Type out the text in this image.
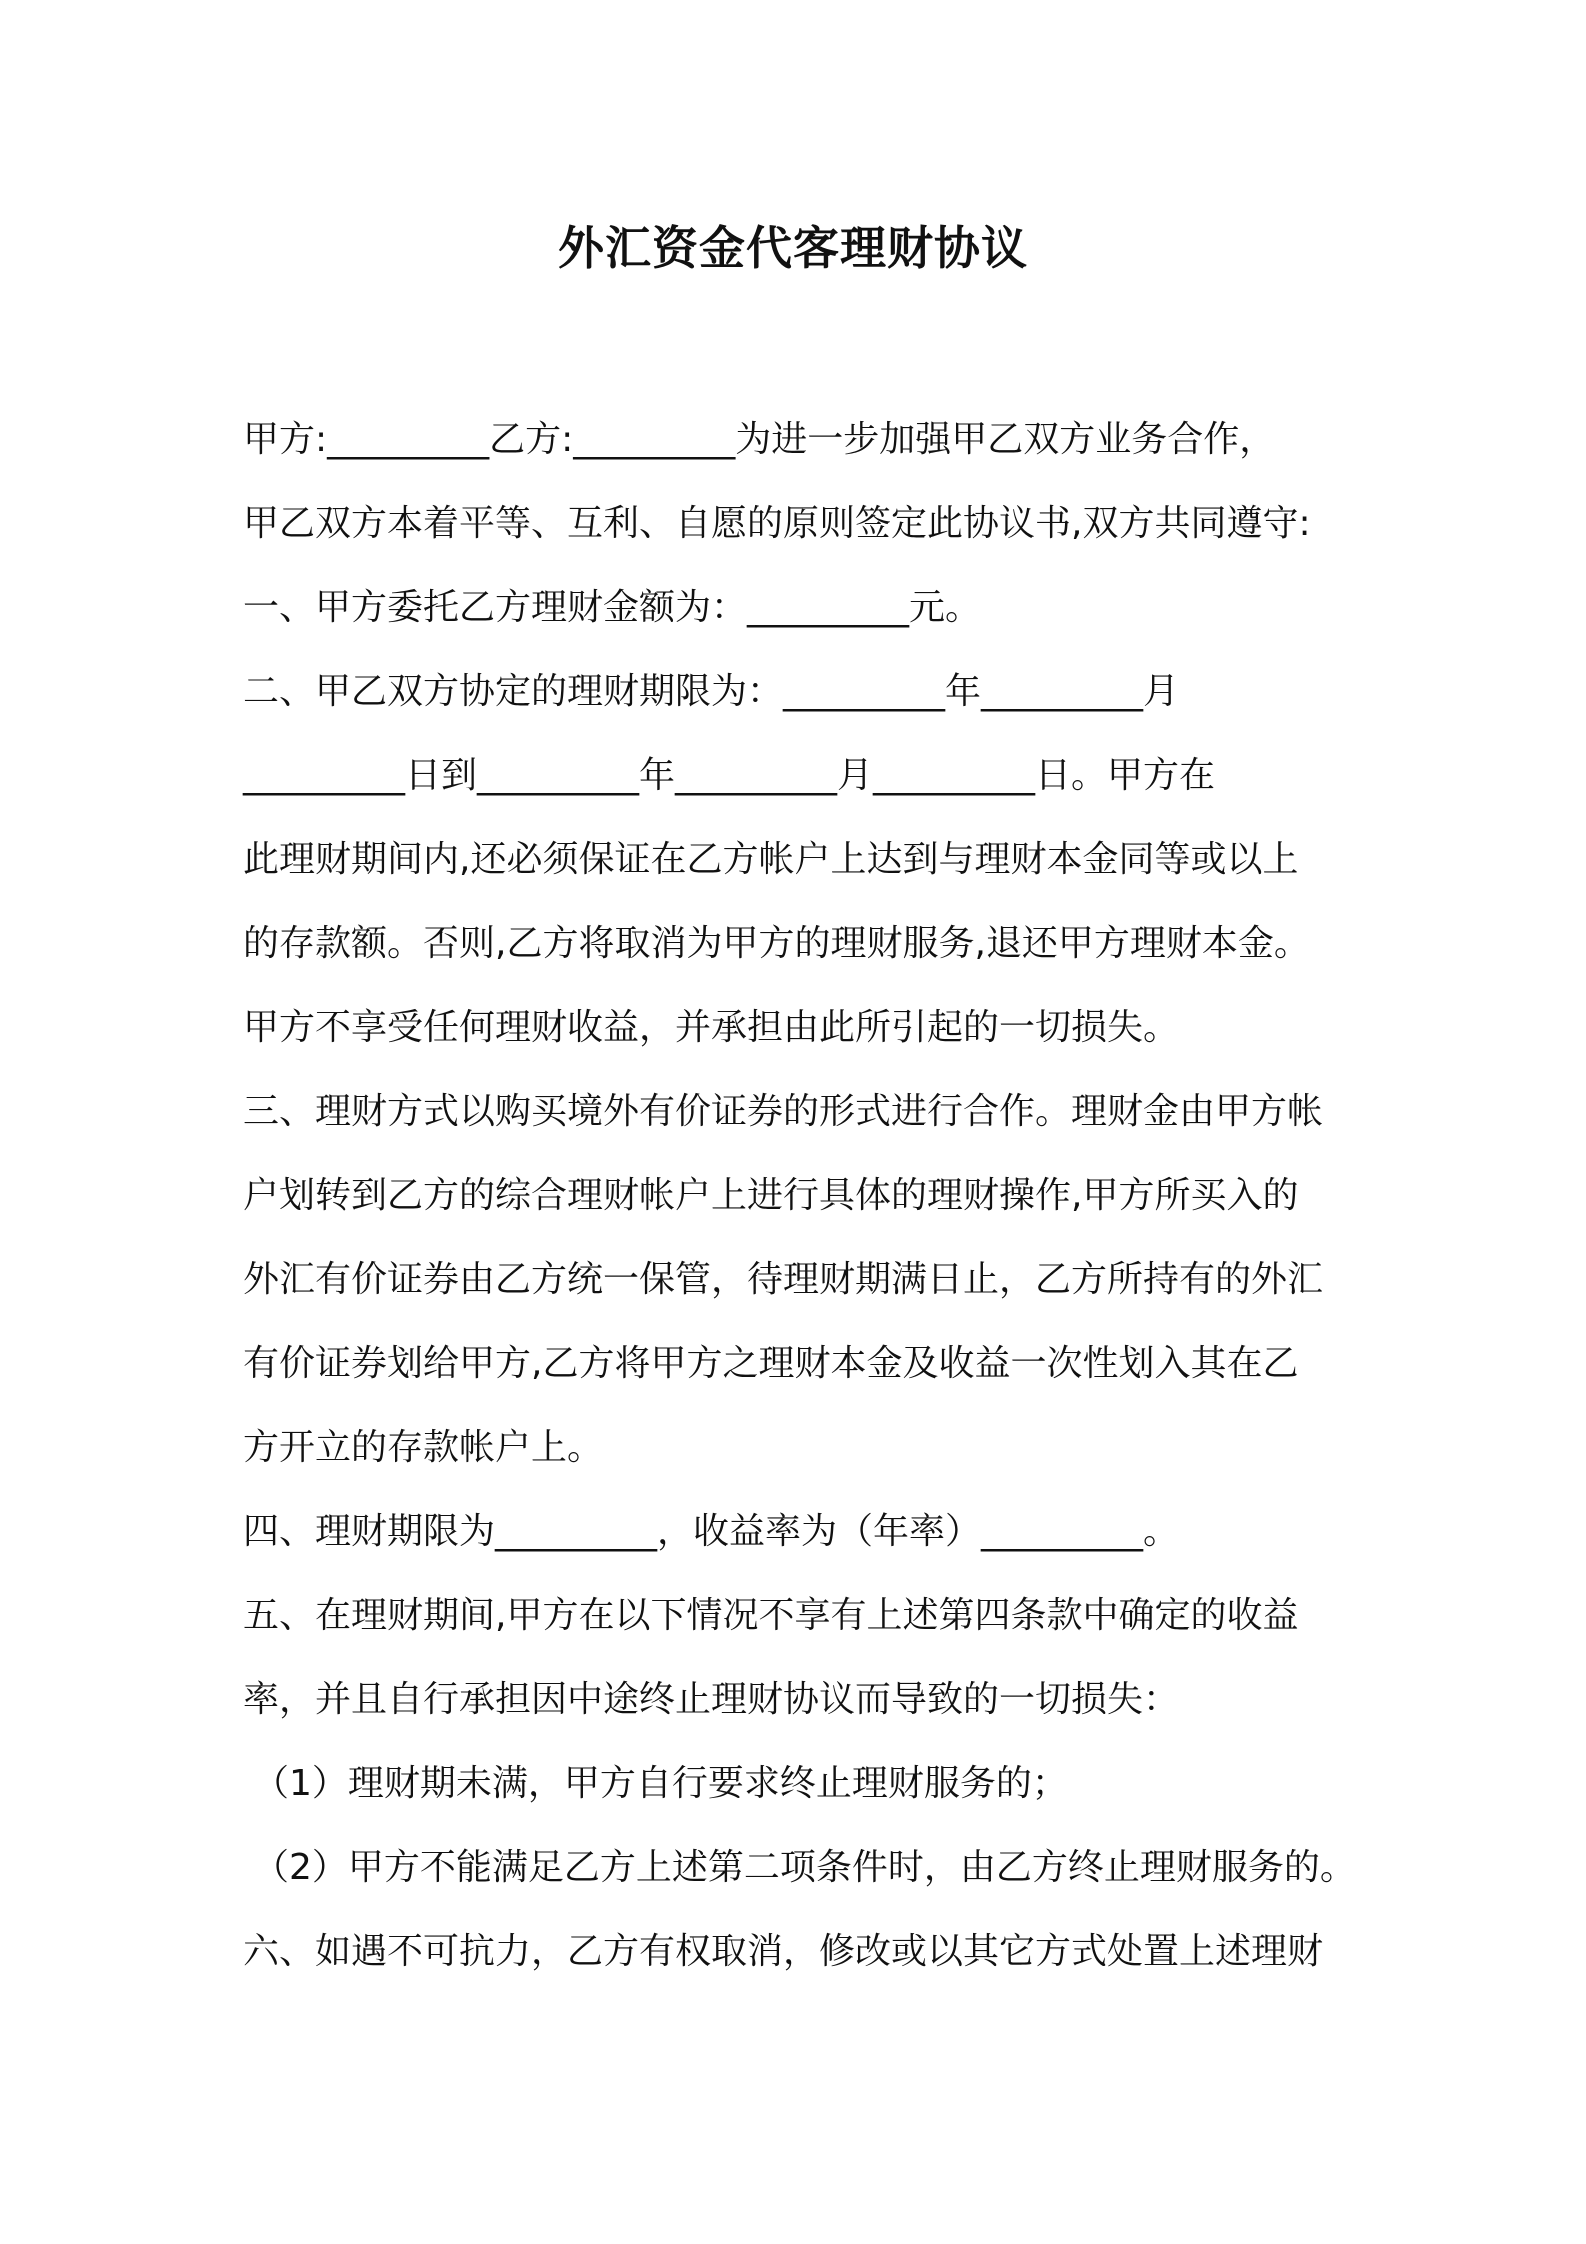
外汇资金代客理财协议
甲方:_________乙方:_________为进一步加强甲乙双方业务合作，
甲乙双方本着平等、互利、自愿的原则签定此协议书,双方共同遵守:
一、甲方委托乙方理财金额为：_________元。
二、甲乙双方协定的理财期限为：_________年_________月
_________日到_________年_________月_________日。甲方在
此理财期间内,还必须保证在乙方帐户上达到与理财本金同等或以上
的存款额。否则,乙方将取消为甲方的理财服务,退还甲方理财本金。
甲方不享受任何理财收益，并承担由此所引起的一切损失。
三、理财方式以购买境外有价证券的形式进行合作。理财金由甲方帐
户划转到乙方的综合理财帐户上进行具体的理财操作,甲方所买入的
外汇有价证券由乙方统一保管，待理财期满日止，乙方所持有的外汇
有价证券划给甲方,乙方将甲方之理财本金及收益一次性划入其在乙
方开立的存款帐户上。
四、理财期限为_________，收益率为（年率）_________。
五、在理财期间,甲方在以下情况不享有上述第四条款中确定的收益
率，并且自行承担因中途终止理财协议而导致的一切损失：
（1）理财期未满，甲方自行要求终止理财服务的；
（2）甲方不能满足乙方上述第二项条件时，由乙方终止理财服务的。
六、如遇不可抗力，乙方有权取消，修改或以其它方式处置上述理财
